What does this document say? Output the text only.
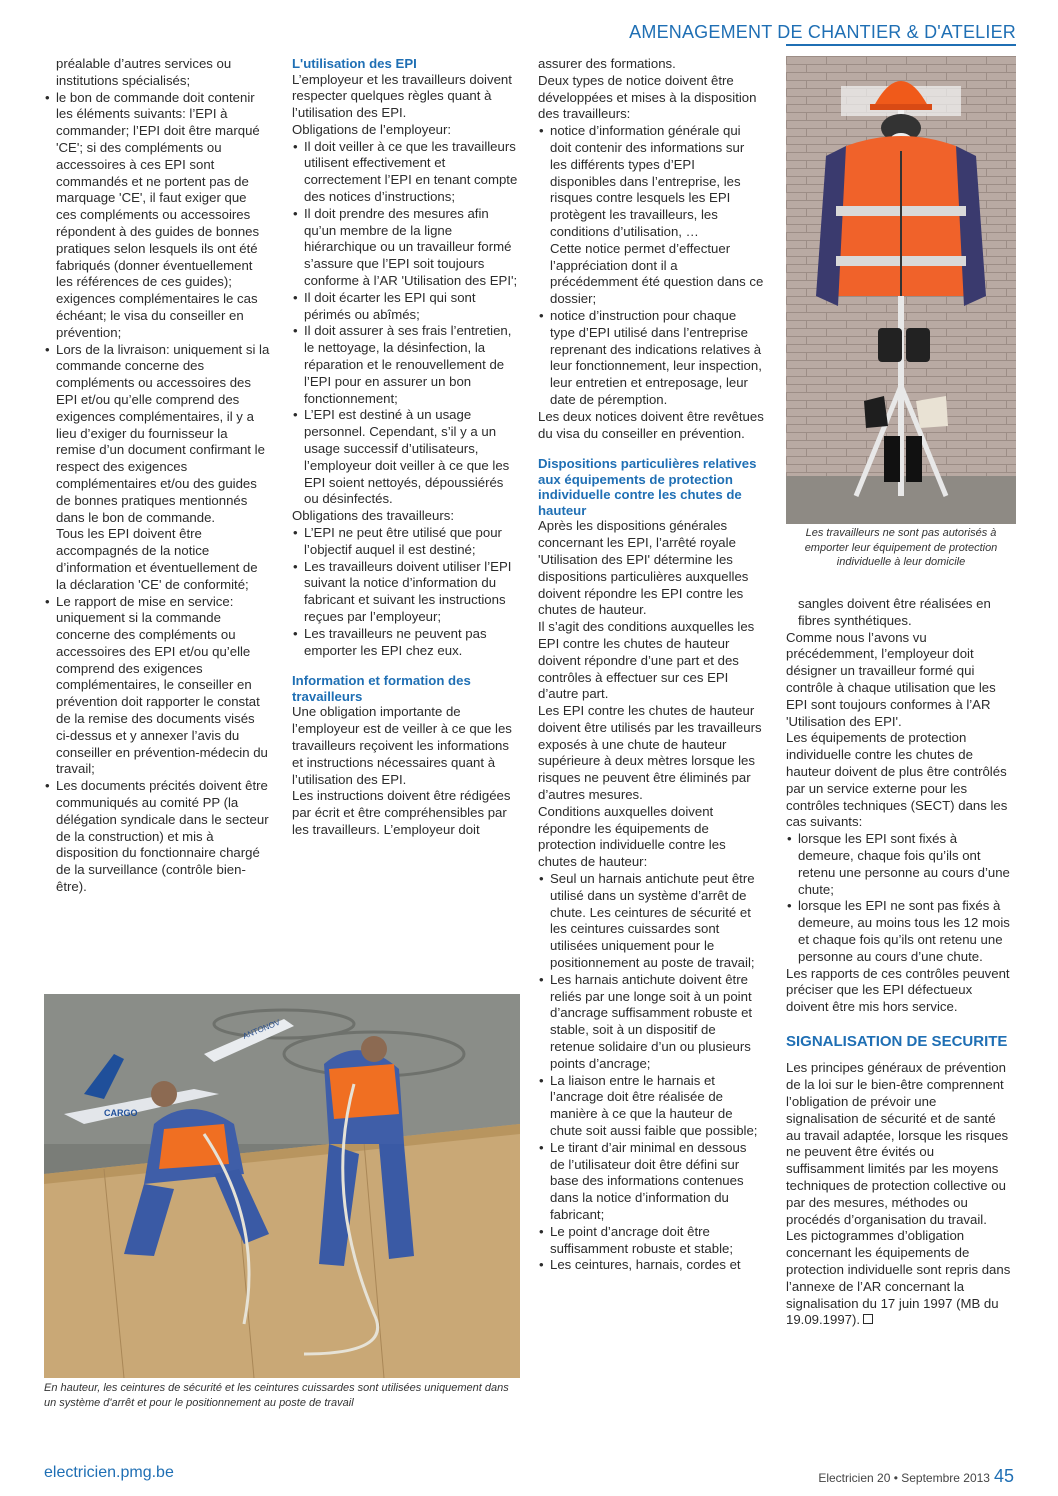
AMENAGEMENT DE CHANTIER & D'ATELIER

préalable d’autres services ou institutions spécialisés;

• le bon de commande doit contenir les éléments suivants: l’EPI à commander; l’EPI doit être marqué 'CE'; si des compléments ou accessoires à ces EPI sont commandés et ne portent pas de marquage 'CE', il faut exiger que ces compléments ou accessoires répondent à des guides de bonnes pratiques selon lesquels ils ont été fabriqués (donner éventuellement les références de ces guides); exigences complémentaires le cas échéant; le visa du conseiller en prévention;
• Lors de la livraison: uniquement si la commande concerne des compléments ou accessoires des EPI et/ou qu’elle comprend des exigences complémentaires, il y a lieu d’exiger du fournisseur la remise d’un document confirmant le respect des exigences complémentaires et/ou des guides de bonnes pratiques mentionnés dans le bon de commande.
Tous les EPI doivent être accompagnés de la notice d’information et éventuellement de la déclaration 'CE' de conformité;
• Le rapport de mise en service: uniquement si la commande concerne des compléments ou accessoires des EPI et/ou qu’elle comprend des exigences complémentaires, le conseiller en prévention doit rapporter le constat de la remise des documents visés ci-dessus et y annexer l’avis du conseiller en prévention-médecin du travail;
• Les documents précités doivent être communiqués au comité PP (la délégation syndicale dans le secteur de la construction) et mis à disposition du fonctionnaire chargé de la surveillance (contrôle bien-être).

L'utilisation des EPI

L’employeur et les travailleurs doivent respecter quelques règles quant à l’utilisation des EPI.

Obligations de l’employeur:

• Il doit veiller à ce que les travailleurs utilisent effectivement et correctement l’EPI en tenant compte des notices d’instructions;
• Il doit prendre des mesures afin qu’un membre de la ligne hiérarchique ou un travailleur formé s’assure que l’EPI soit toujours conforme à l’AR 'Utilisation des EPI';
• Il doit écarter les EPI qui sont périmés ou abîmés;
• Il doit assurer à ses frais l’entretien, le nettoyage, la désinfection, la réparation et le renouvellement de l’EPI pour en assurer un bon fonctionnement;
• L’EPI est destiné à un usage personnel. Cependant, s’il y a un usage successif d’utilisateurs, l’employeur doit veiller à ce que les EPI soient nettoyés, dépoussiérés ou désinfectés.

Obligations des travailleurs:

• L’EPI ne peut être utilisé que pour l’objectif auquel il est destiné;
• Les travailleurs doivent utiliser l’EPI suivant la notice d’information du fabricant et suivant les instructions reçues par l’employeur;
• Les travailleurs ne peuvent pas emporter les EPI chez eux.

Information et formation des travailleurs

Une obligation importante de l’employeur est de veiller à ce que les travailleurs reçoivent les informations et instructions nécessaires quant à l’utilisation des EPI.

Les instructions doivent être rédigées par écrit et être compréhensibles par les travailleurs. L’employeur doit

assurer des formations.

Deux types de notice doivent être développées et mises à la disposition des travailleurs:

• notice d’information générale qui doit contenir des informations sur les différents types d’EPI disponibles dans l’entreprise, les risques contre lesquels les EPI protègent les travailleurs, les conditions d’utilisation, …
Cette notice permet d’effectuer l’appréciation dont il a précédemment été question dans ce dossier;
• notice d’instruction pour chaque type d’EPI utilisé dans l’entreprise reprenant des indications relatives à leur fonctionnement, leur inspection, leur entretien et entreposage, leur date de péremption.

Les deux notices doivent être revêtues du visa du conseiller en prévention.

Dispositions particulières relatives aux équipements de protection individuelle contre les chutes de hauteur

Après les dispositions générales concernant les EPI, l’arrêté royale 'Utilisation des EPI' détermine les dispositions particulières auxquelles doivent répondre les EPI contre les chutes de hauteur.

Il s’agit des conditions auxquelles les EPI contre les chutes de hauteur doivent répondre d’une part et des contrôles à effectuer sur ces EPI d’autre part.

Les EPI contre les chutes de hauteur doivent être utilisés par les travailleurs exposés à une chute de hauteur supérieure à deux mètres lorsque les risques ne peuvent être éliminés par d’autres mesures.

Conditions auxquelles doivent répondre les équipements de protection individuelle contre les chutes de hauteur:

• Seul un harnais antichute peut être utilisé dans un système d’arrêt de chute. Les ceintures de sécurité et les ceintures cuissardes sont utilisées uniquement pour le positionnement au poste de travail;
• Les harnais antichute doivent être reliés par une longe soit à un point d’ancrage suffisamment robuste et stable, soit à un dispositif de retenue solidaire d’un ou plusieurs points d’ancrage;
• La liaison entre le harnais et l’ancrage doit être réalisée de manière à ce que la hauteur de chute soit aussi faible que possible;
• Le tirant d’air minimal en dessous de l’utilisateur doit être défini sur base des informations contenues dans la notice d’information du fabricant;
• Le point d’ancrage doit être suffisamment robuste et stable;
• Les ceintures, harnais, cordes et
Les travailleurs ne sont pas autorisés à emporter leur équipement de protection individuelle à leur domicile

sangles doivent être réalisées en fibres synthétiques.

Comme nous l’avons vu précédemment, l’employeur doit désigner un travailleur formé qui contrôle à chaque utilisation que les EPI sont toujours conformes à l’AR 'Utilisation des EPI'.

Les équipements de protection individuelle contre les chutes de hauteur doivent de plus être contrôlés par un service externe pour les contrôles techniques (SECT) dans les cas suivants:

• lorsque les EPI sont fixés à demeure, chaque fois qu’ils ont retenu une personne au cours d’une chute;
• lorsque les EPI ne sont pas fixés à demeure, au moins tous les 12 mois et chaque fois qu’ils ont retenu une personne au cours d’une chute.

Les rapports de ces contrôles peuvent préciser que les EPI défectueux doivent être mis hors service.

SIGNALISATION DE SECURITE

Les principes généraux de prévention de la loi sur le bien-être comprennent l’obligation de prévoir une signalisation de sécurité et de santé au travail adaptée, lorsque les risques ne peuvent être évités ou suffisamment limités par les moyens techniques de protection collective ou par des mesures, méthodes ou procédés d’organisation du travail.

Les pictogrammes d’obligation concernant les équipements de protection individuelle sont repris dans l’annexe de l’AR concernant la signalisation du 17 juin 1997 (MB du 19.09.1997).

CARGO
ANTONOV
En hauteur, les ceintures de sécurité et les ceintures cuissardes sont utilisées uniquement dans un système d'arrêt et pour le positionnement au poste de travail
electricien.pmg.be	Electricien 20 • Septembre 2013 45
